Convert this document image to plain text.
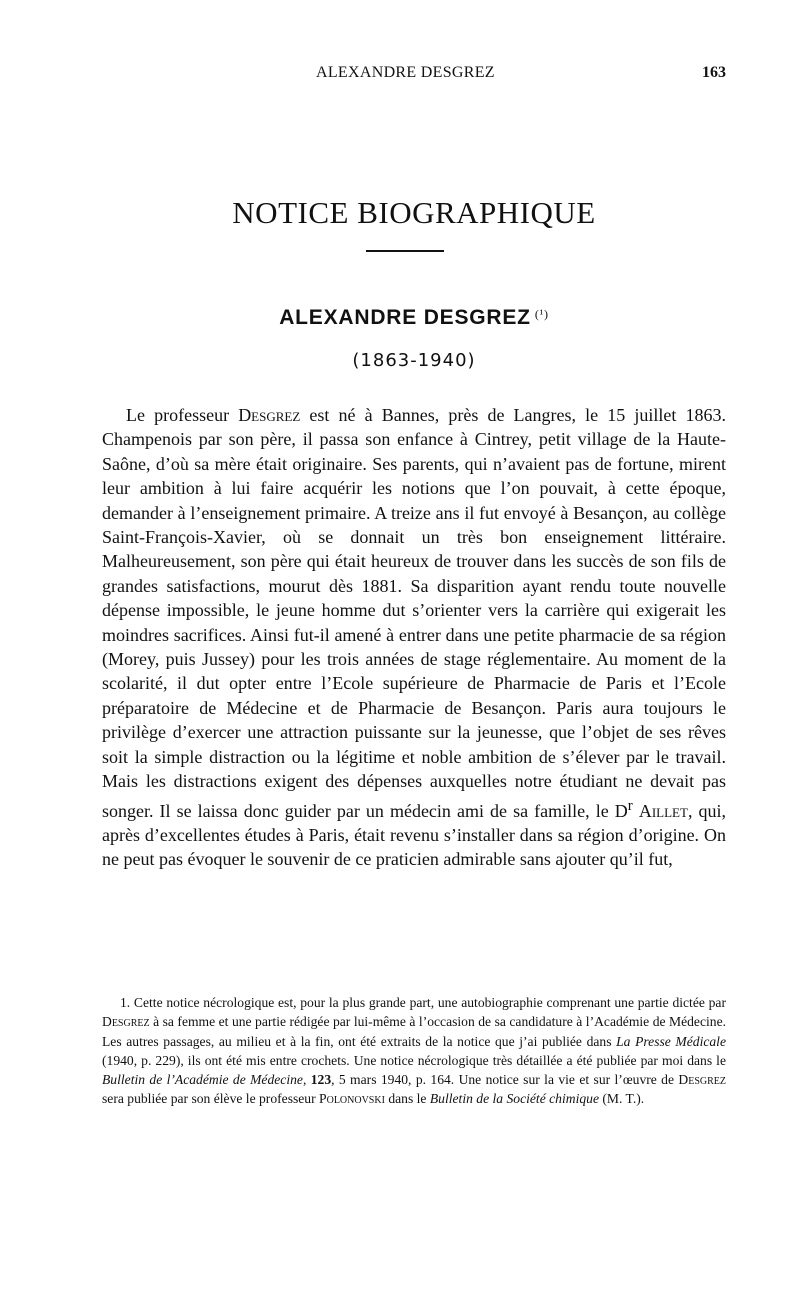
ALEXANDRE DESGREZ	163
NOTICE BIOGRAPHIQUE
ALEXANDRE DESGREZ $^{(^1)}$
(1863-1940)

Le professeur Desgrez est né à Bannes, près de Langres, le 15 juillet 1863. Champenois par son père, il passa son enfance à Cintrey, petit village de la Haute-Saône, d’où sa mère était originaire. Ses parents, qui n’avaient pas de fortune, mirent leur ambition à lui faire acquérir les notions que l’on pouvait, à cette époque, demander à l’enseignement primaire. A treize ans il fut envoyé à Besançon, au collège Saint-François-Xavier, où se donnait un très bon enseignement littéraire. Malheureusement, son père qui était heureux de trouver dans les succès de son fils de grandes satisfactions, mourut dès 1881. Sa disparition ayant rendu toute nouvelle dépense impossible, le jeune homme dut s’orienter vers la carrière qui exigerait les moindres sacrifices. Ainsi fut-il amené à entrer dans une petite pharmacie de sa région (Morey, puis Jussey) pour les trois années de stage réglementaire. Au moment de la scolarité, il dut opter entre l’Ecole supérieure de Pharmacie de Paris et l’Ecole préparatoire de Médecine et de Pharmacie de Besançon. Paris aura toujours le privilège d’exercer une attraction puissante sur la jeunesse, que l’objet de ses rêves soit la simple distraction ou la légitime et noble ambition de s’élever par le travail. Mais les distractions exigent des dépenses auxquelles notre étudiant ne devait pas songer. Il se laissa donc guider par un médecin ami de sa famille, le $D^r$ Aillet, qui, après d’excellentes études à Paris, était revenu s’installer dans sa région d’origine. On ne peut pas évoquer le souvenir de ce praticien admirable sans ajouter qu’il fut,

1. Cette notice nécrologique est, pour la plus grande part, une autobiographie comprenant une partie dictée par Desgrez à sa femme et une partie rédigée par lui-même à l’occasion de sa candidature à l’Académie de Médecine. Les autres passages, au milieu et à la fin, ont été extraits de la notice que j’ai publiée dans La Presse Médicale (1940, p. 229), ils ont été mis entre crochets. Une notice nécrologique très détaillée a été publiée par moi dans le Bulletin de l’Académie de Médecine, 123, 5 mars 1940, p. 164. Une notice sur la vie et sur l’œuvre de Desgrez sera publiée par son élève le professeur Polonovski dans le Bulletin de la Société chimique (M. T.).
